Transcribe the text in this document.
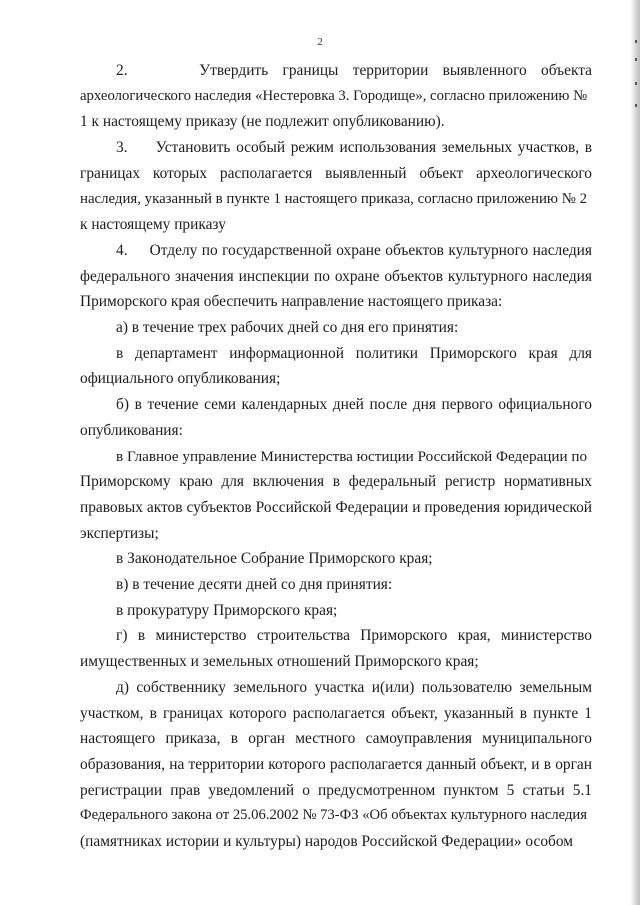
2
2.     Утвердить границы территории выявленного объекта
археологического наследия «Нестеровка 3. Городище», согласно приложению №
1 к настоящему приказу (не подлежит опубликованию).
3.     Установить особый режим использования земельных участков, в
границах которых располагается выявленный объект археологического
наследия, указанный в пункте 1 настоящего приказа, согласно приложению № 2
к настоящему приказу
4.     Отделу по государственной охране объектов культурного наследия
федерального значения инспекции по охране объектов культурного наследия
Приморского края обеспечить направление настоящего приказа:
а) в течение трех рабочих дней со дня его принятия:
в департамент информационной политики Приморского края для
официального опубликования;
б) в течение семи календарных дней после дня первого официального
опубликования:
в Главное управление Министерства юстиции Российской Федерации по
Приморскому краю для включения в федеральный регистр нормативных
правовых актов субъектов Российской Федерации и проведения юридической
экспертизы;
в Законодательное Собрание Приморского края;
в) в течение десяти дней со дня принятия:
в прокуратуру Приморского края;
г) в министерство строительства Приморского края, министерство
имущественных и земельных отношений Приморского края;
д) собственнику земельного участка и(или) пользователю земельным
участком, в границах которого располагается объект, указанный в пункте 1
настоящего приказа, в орган местного самоуправления муниципального
образования, на территории которого располагается данный объект, и в орган
регистрации прав уведомлений о предусмотренном пунктом 5 статьи 5.1
Федерального закона от 25.06.2002 № 73-ФЗ «Об объектах культурного наследия
(памятниках истории и культуры) народов Российской Федерации» особом
